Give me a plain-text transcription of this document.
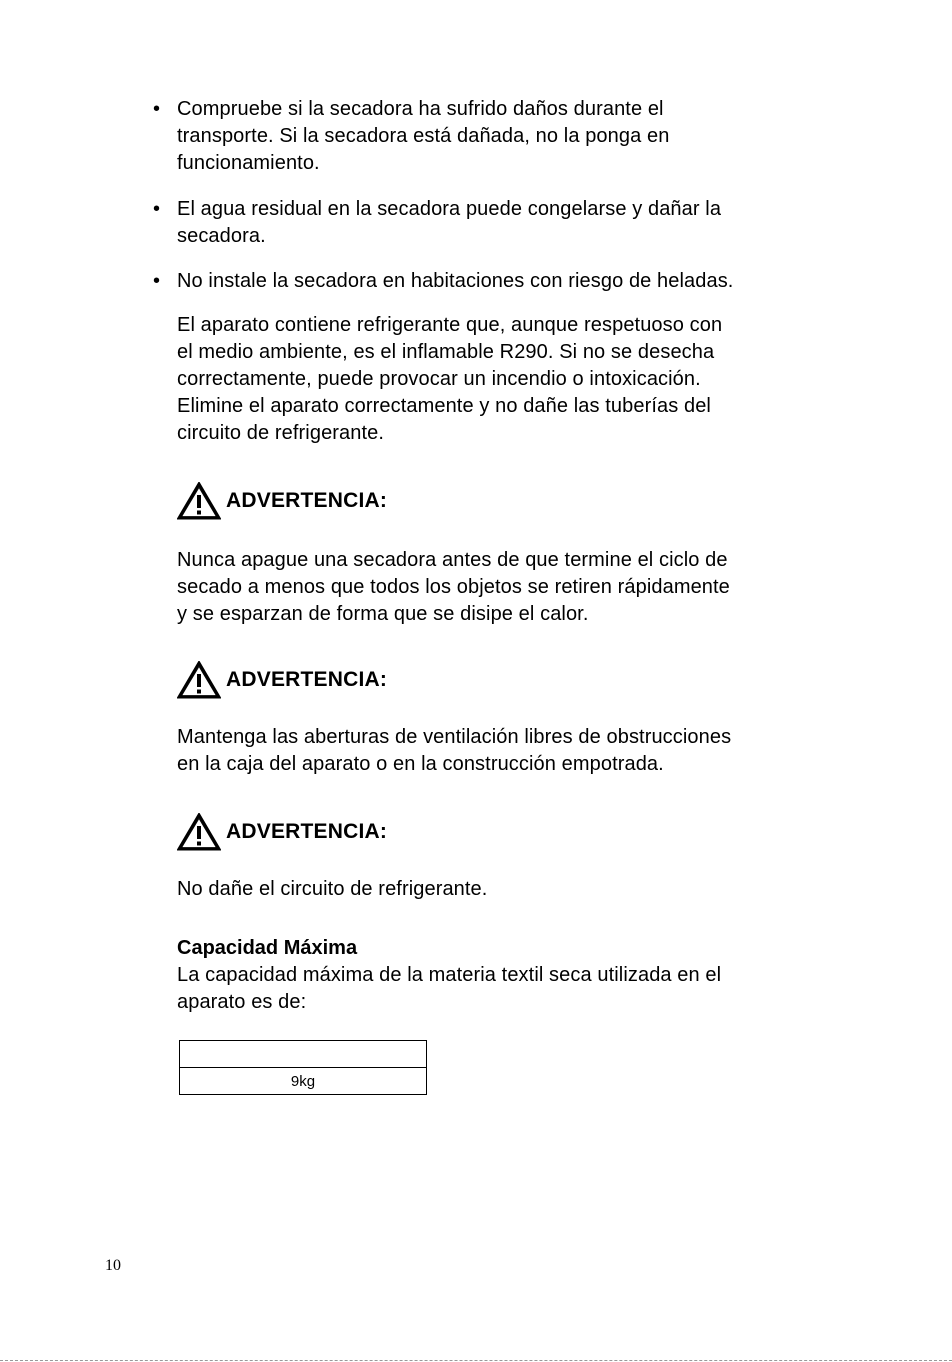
• Compruebe si la secadora ha sufrido daños durante el
transporte. Si la secadora está dañada, no la ponga en
funcionamiento.
• El agua residual en la secadora puede congelarse y dañar la
secadora.
• No instale la secadora en habitaciones con riesgo de heladas.
El aparato contiene refrigerante que, aunque respetuoso con
el medio ambiente, es el inflamable R290. Si no se desecha
correctamente, puede provocar un incendio o intoxicación.
Elimine el aparato correctamente y no dañe las tuberías del
circuito de refrigerante.
ADVERTENCIA:
Nunca apague una secadora antes de que termine el ciclo de
secado a menos que todos los objetos se retiren rápidamente
y se esparzan de forma que se disipe el calor.
ADVERTENCIA:
Mantenga las aberturas de ventilación libres de obstrucciones
en la caja del aparato o en la construcción empotrada.
ADVERTENCIA:
No dañe el circuito de refrigerante.
Capacidad Máxima
La capacidad máxima de la materia textil seca utilizada en el
aparato es de:

9kg
10
